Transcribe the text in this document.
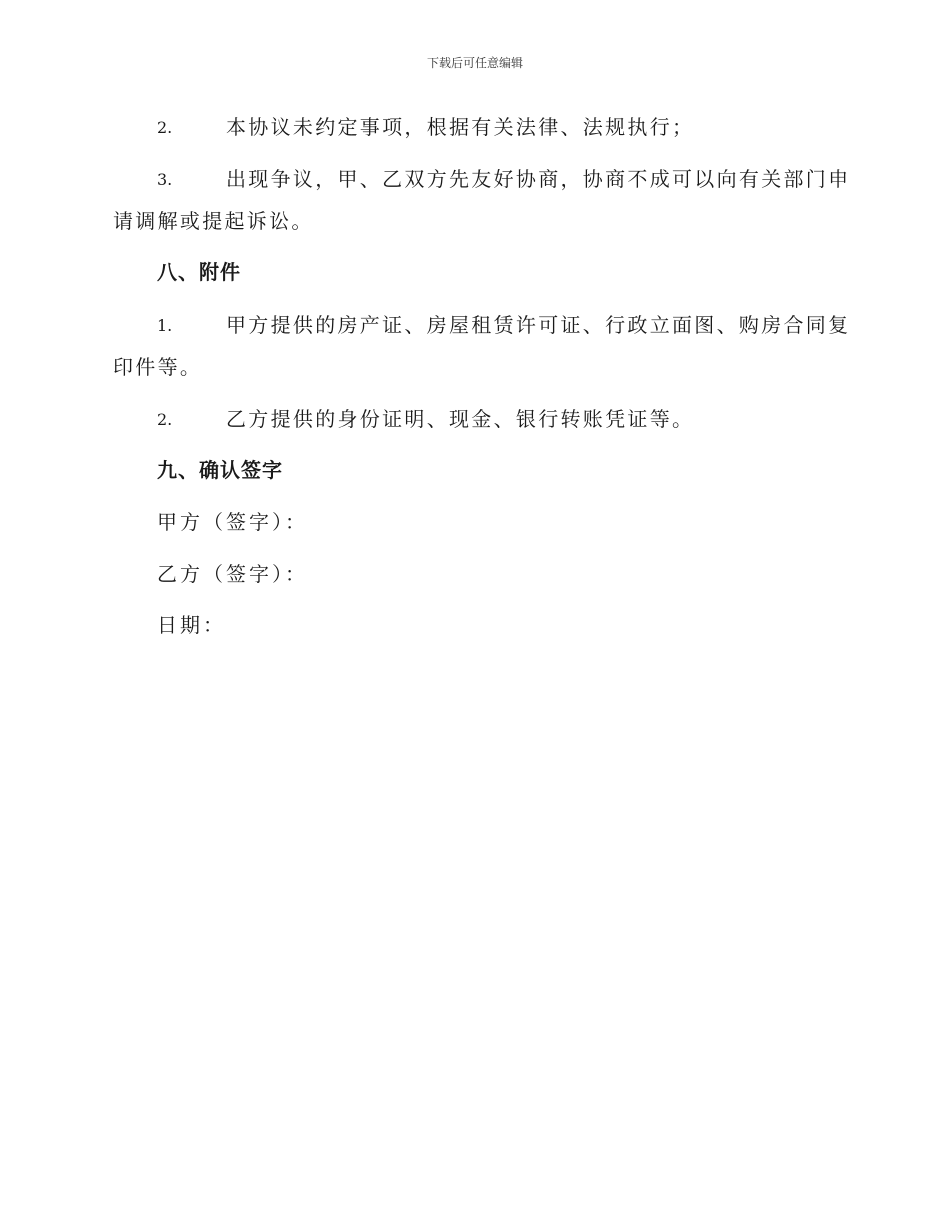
下载后可任意编辑
2.	本协议未约定事项，根据有关法律、法规执行；
3.	出现争议，甲、乙双方先友好协商，协商不成可以向有关部门申
请调解或提起诉讼。
八、附件
1.	甲方提供的房产证、房屋租赁许可证、行政立面图、购房合同复
印件等。
2.	乙方提供的身份证明、现金、银行转账凭证等。
九、确认签字
甲方（签字）：
乙方（签字）：
日期：
